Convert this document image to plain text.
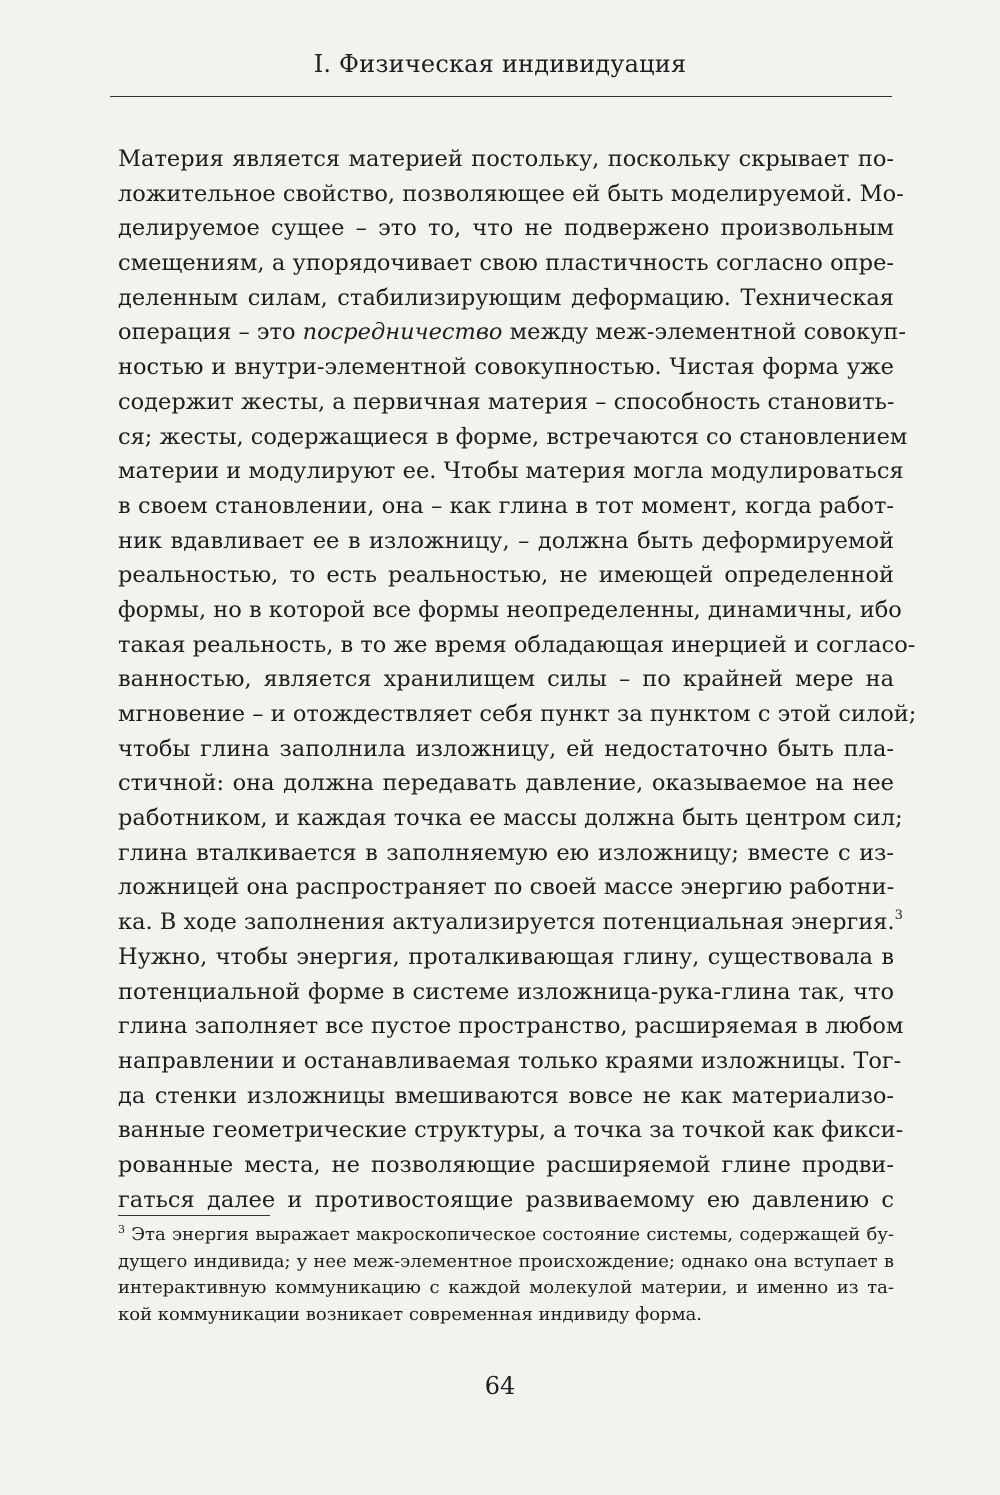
I. Физическая индивидуация
Материя является материей постольку, поскольку скрывает по-
ложительное свойство, позволяющее ей быть моделируемой. Мо-
делируемое сущее – это то, что не подвержено произвольным
смещениям, а упорядочивает свою пластичность согласно опре-
деленным силам, стабилизирующим деформацию. Техническая
операция – это посредничество между меж-элементной совокуп-
ностью и внутри-элементной совокупностью. Чистая форма уже
содержит жесты, а первичная материя – способность становить-
ся; жесты, содержащиеся в форме, встречаются со становлением
материи и модулируют ее. Чтобы материя могла модулироваться
в своем становлении, она – как глина в тот момент, когда работ-
ник вдавливает ее в изложницу, – должна быть деформируемой
реальностью, то есть реальностью, не имеющей определенной
формы, но в которой все формы неопределенны, динамичны, ибо
такая реальность, в то же время обладающая инерцией и согласо-
ванностью, является хранилищем силы – по крайней мере на
мгновение – и отождествляет себя пункт за пунктом с этой силой;
чтобы глина заполнила изложницу, ей недостаточно быть пла-
стичной: она должна передавать давление, оказываемое на нее
работником, и каждая точка ее массы должна быть центром сил;
глина вталкивается в заполняемую ею изложницу; вместе с из-
ложницей она распространяет по своей массе энергию работни-
ка. В ходе заполнения актуализируется потенциальная энергия.$^3$
Нужно, чтобы энергия, проталкивающая глину, существовала в
потенциальной форме в системе изложница-рука-глина так, что
глина заполняет все пустое пространство, расширяемая в любом
направлении и останавливаемая только краями изложницы. Тог-
да стенки изложницы вмешиваются вовсе не как материализо-
ванные геометрические структуры, а точка за точкой как фикси-
рованные места, не позволяющие расширяемой глине продви-
гаться далее и противостоящие развиваемому ею давлению с
$^3$ Эта энергия выражает макроскопическое состояние системы, содержащей бу-
дущего индивида; у нее меж-элементное происхождение; однако она вступает в
интерактивную коммуникацию с каждой молекулой материи, и именно из та-
кой коммуникации возникает современная индивиду форма.
64
